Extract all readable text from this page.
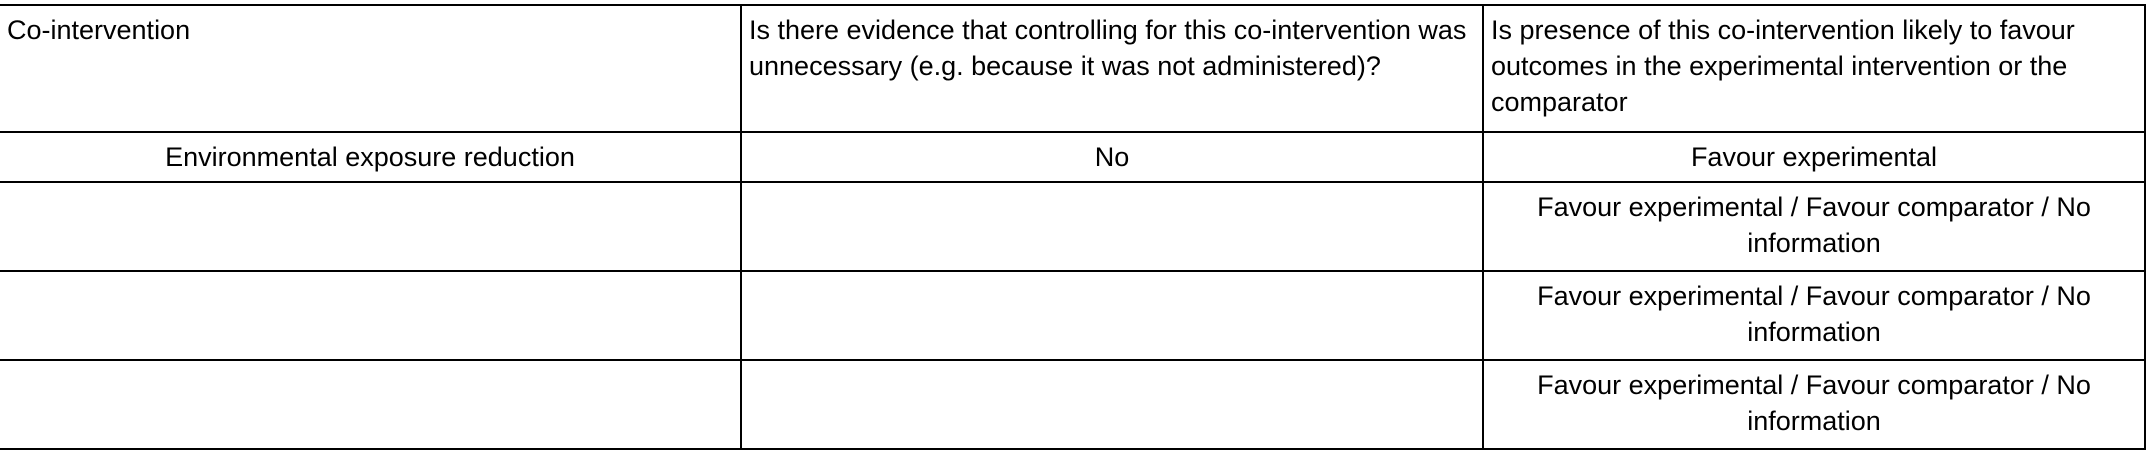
Co-intervention	Is there evidence that controlling for this co-intervention was unnecessary (e.g. because it was not administered)?	Is presence of this co-intervention likely to favour outcomes in the experimental intervention or the comparator
Environmental exposure reduction	No	Favour experimental
		Favour experimental / Favour comparator / No information
		Favour experimental / Favour comparator / No information
		Favour experimental / Favour comparator / No information
